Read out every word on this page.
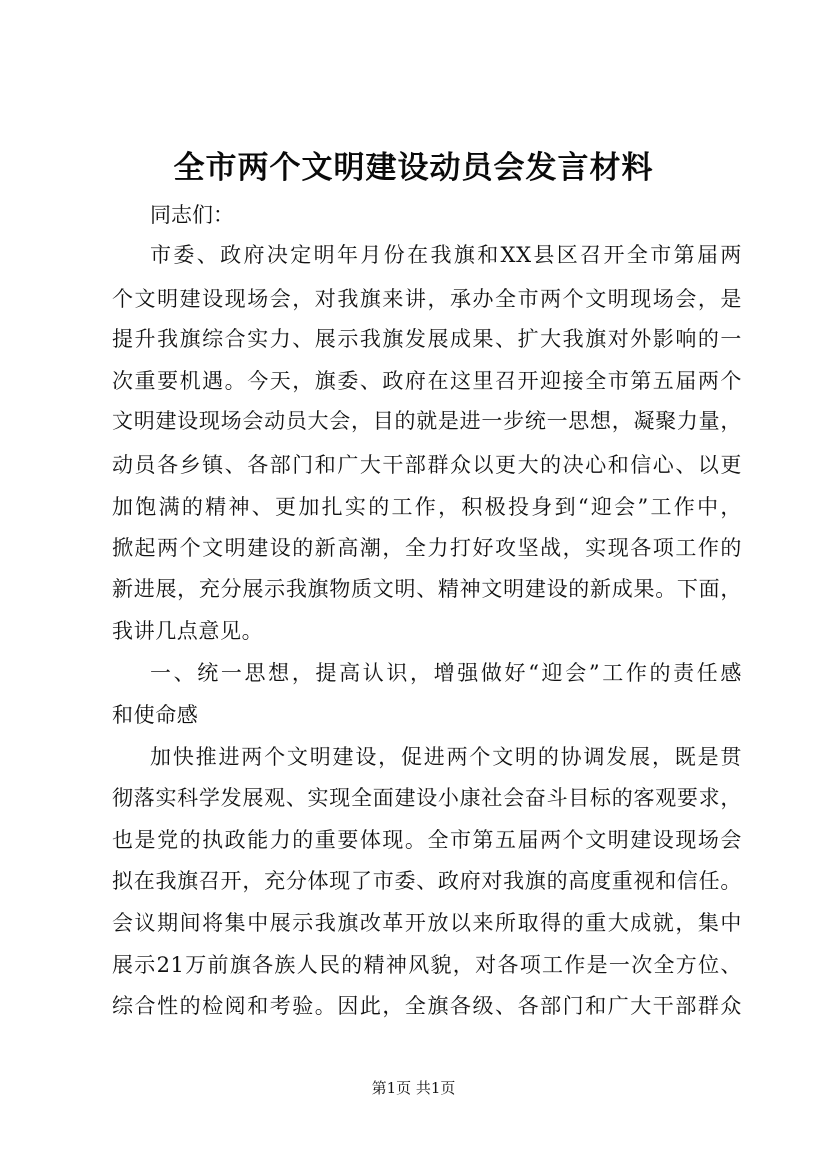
全市两个文明建设动员会发言材料
同志们：
市委、政府决定明年月份在我旗和XX县区召开全市第届两
个文明建设现场会，对我旗来讲，承办全市两个文明现场会，是
提升我旗综合实力、展示我旗发展成果、扩大我旗对外影响的一
次重要机遇。今天，旗委、政府在这里召开迎接全市第五届两个
文明建设现场会动员大会，目的就是进一步统一思想，凝聚力量，
动员各乡镇、各部门和广大干部群众以更大的决心和信心、以更
加饱满的精神、更加扎实的工作，积极投身到“迎会”工作中，
掀起两个文明建设的新高潮，全力打好攻坚战，实现各项工作的
新进展，充分展示我旗物质文明、精神文明建设的新成果。下面，
我讲几点意见。
一、统一思想，提高认识，增强做好“迎会”工作的责任感
和使命感
加快推进两个文明建设，促进两个文明的协调发展，既是贯
彻落实科学发展观、实现全面建设小康社会奋斗目标的客观要求，
也是党的执政能力的重要体现。全市第五届两个文明建设现场会
拟在我旗召开，充分体现了市委、政府对我旗的高度重视和信任。
会议期间将集中展示我旗改革开放以来所取得的重大成就，集中
展示21万前旗各族人民的精神风貌，对各项工作是一次全方位、
综合性的检阅和考验。因此，全旗各级、各部门和广大干部群众
第1页 共1页
